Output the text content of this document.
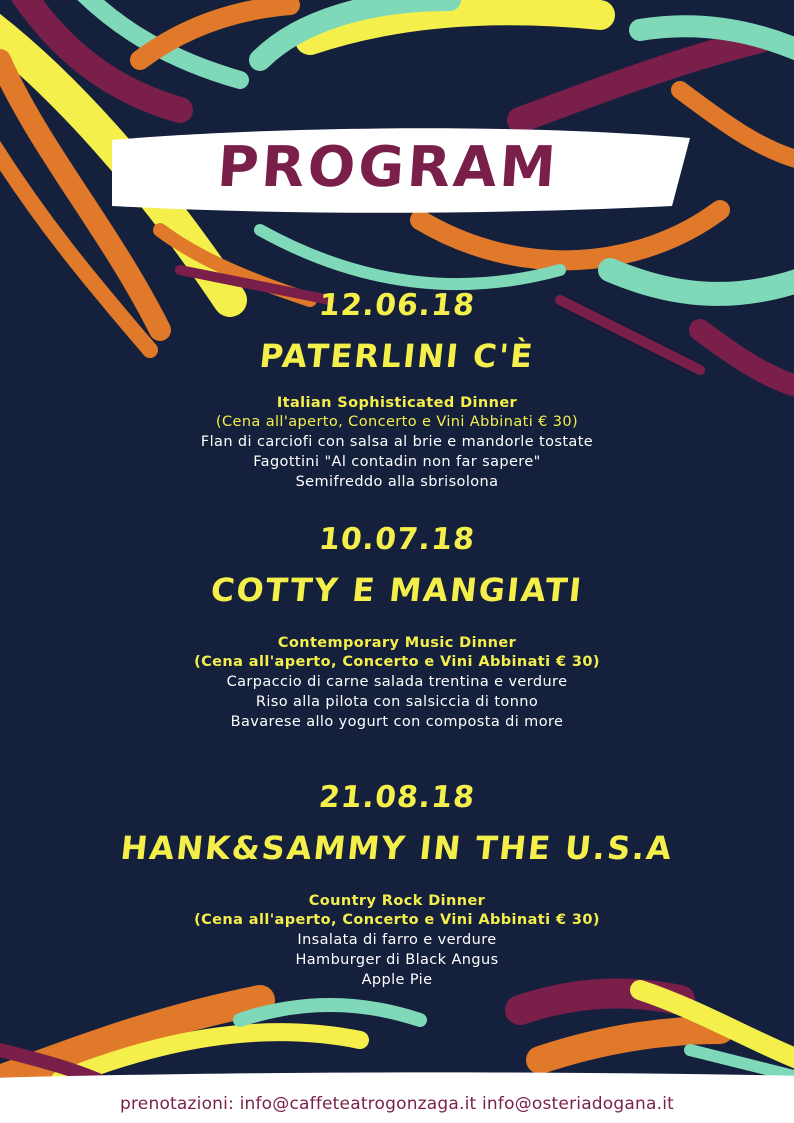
PROGRAM
12.06.18
PATERLINI C'È
Italian Sophisticated Dinner
(Cena all'aperto, Concerto e Vini Abbinati € 30)
Flan di carciofi con salsa al brie e mandorle tostate
Fagottini "Al contadin non far sapere"
Semifreddo alla sbrisolona
10.07.18
COTTY E MANGIATI
Contemporary Music Dinner
(Cena all'aperto, Concerto e Vini Abbinati € 30)
Carpaccio di carne salada trentina e verdure
Riso alla pilota con salsiccia di tonno
Bavarese allo yogurt con composta di more
21.08.18
HANK&SAMMY IN THE U.S.A
Country Rock Dinner
(Cena all'aperto, Concerto e Vini Abbinati € 30)
Insalata di farro e verdure
Hamburger di Black Angus
Apple Pie
prenotazioni: info@caffeteatrogonzaga.it info@osteriadogana.it
